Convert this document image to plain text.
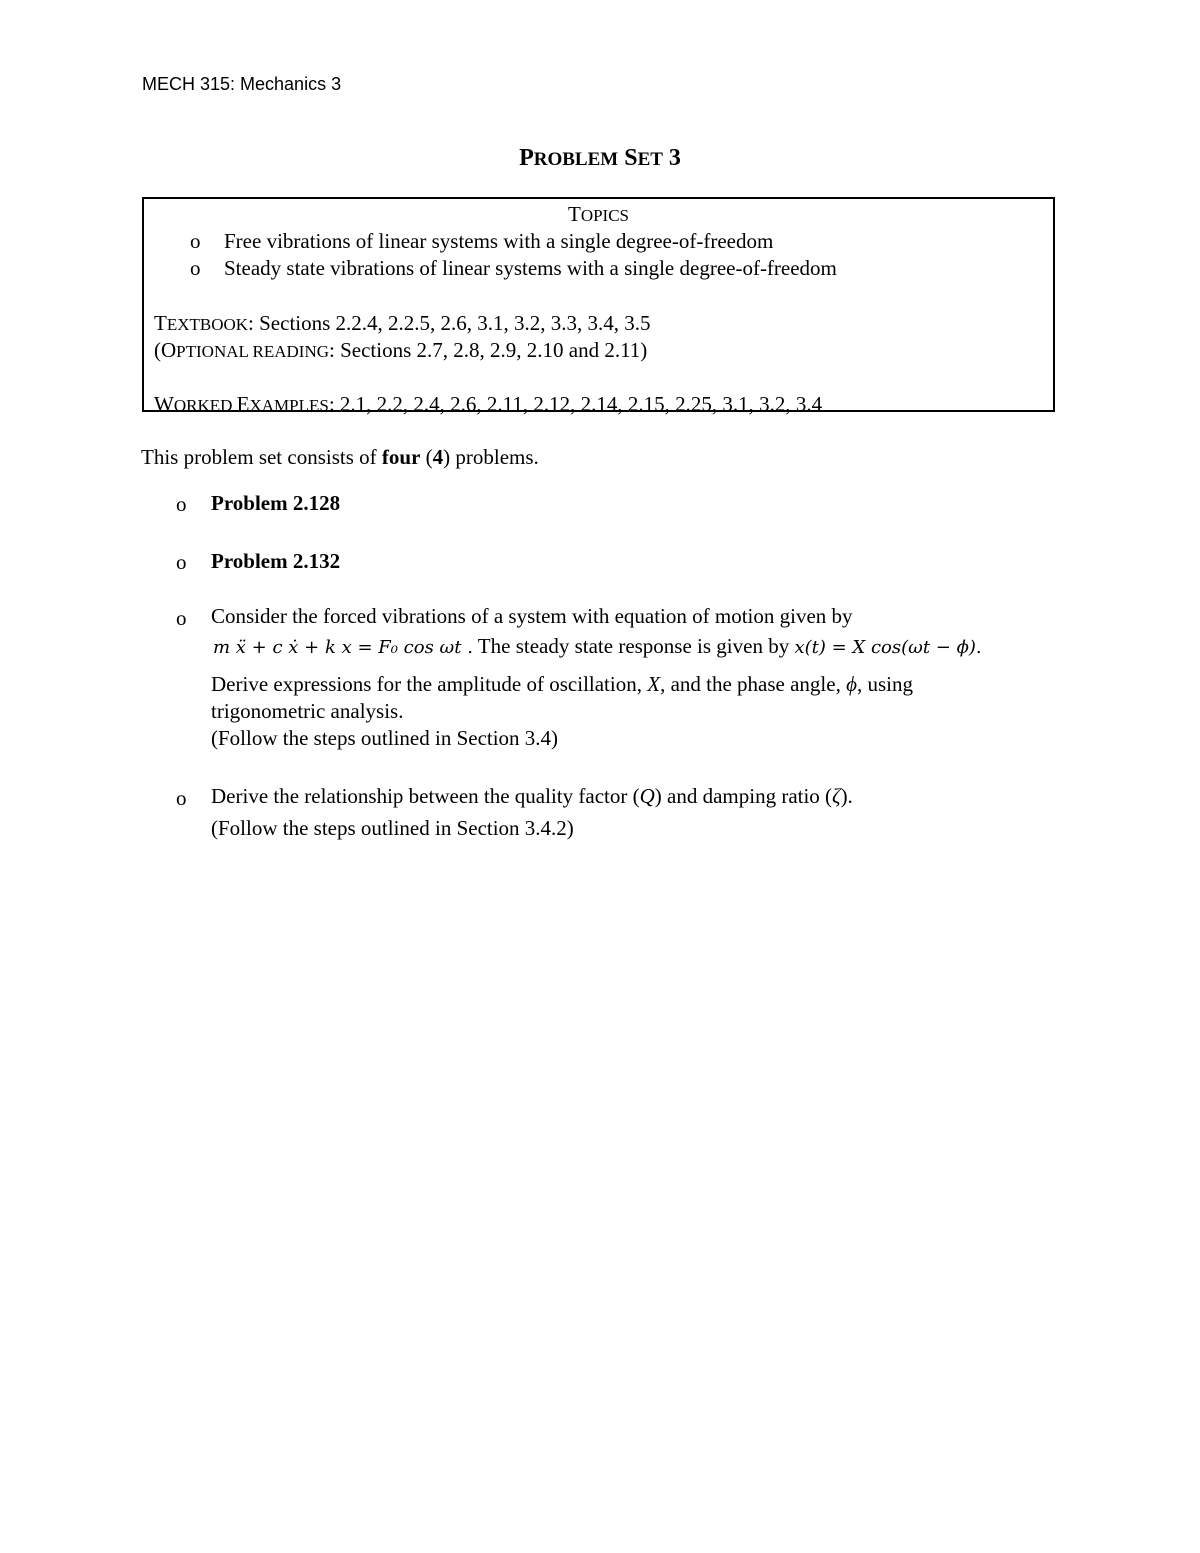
MECH 315: Mechanics 3
PROBLEM SET 3
TOPICS
o Free vibrations of linear systems with a single degree-of-freedom
o Steady state vibrations of linear systems with a single degree-of-freedom
TEXTBOOK: Sections 2.2.4, 2.2.5, 2.6, 3.1, 3.2, 3.3, 3.4, 3.5
(OPTIONAL READING: Sections 2.7, 2.8, 2.9, 2.10 and 2.11)
WORKED EXAMPLES: 2.1, 2.2, 2.4, 2.6, 2.11, 2.12, 2.14, 2.15, 2.25, 3.1, 3.2, 3.4
This problem set consists of four (4) problems.
o Problem 2.128
o Problem 2.132
o Consider the forced vibrations of a system with equation of motion given by
m ẍ + c ẋ + k x = F₀ cos ωt . The steady state response is given by x(t) = X cos(ωt − ϕ).
Derive expressions for the amplitude of oscillation, X, and the phase angle, ϕ, using
trigonometric analysis.
(Follow the steps outlined in Section 3.4)
o Derive the relationship between the quality factor (Q) and damping ratio (ζ).
(Follow the steps outlined in Section 3.4.2)
